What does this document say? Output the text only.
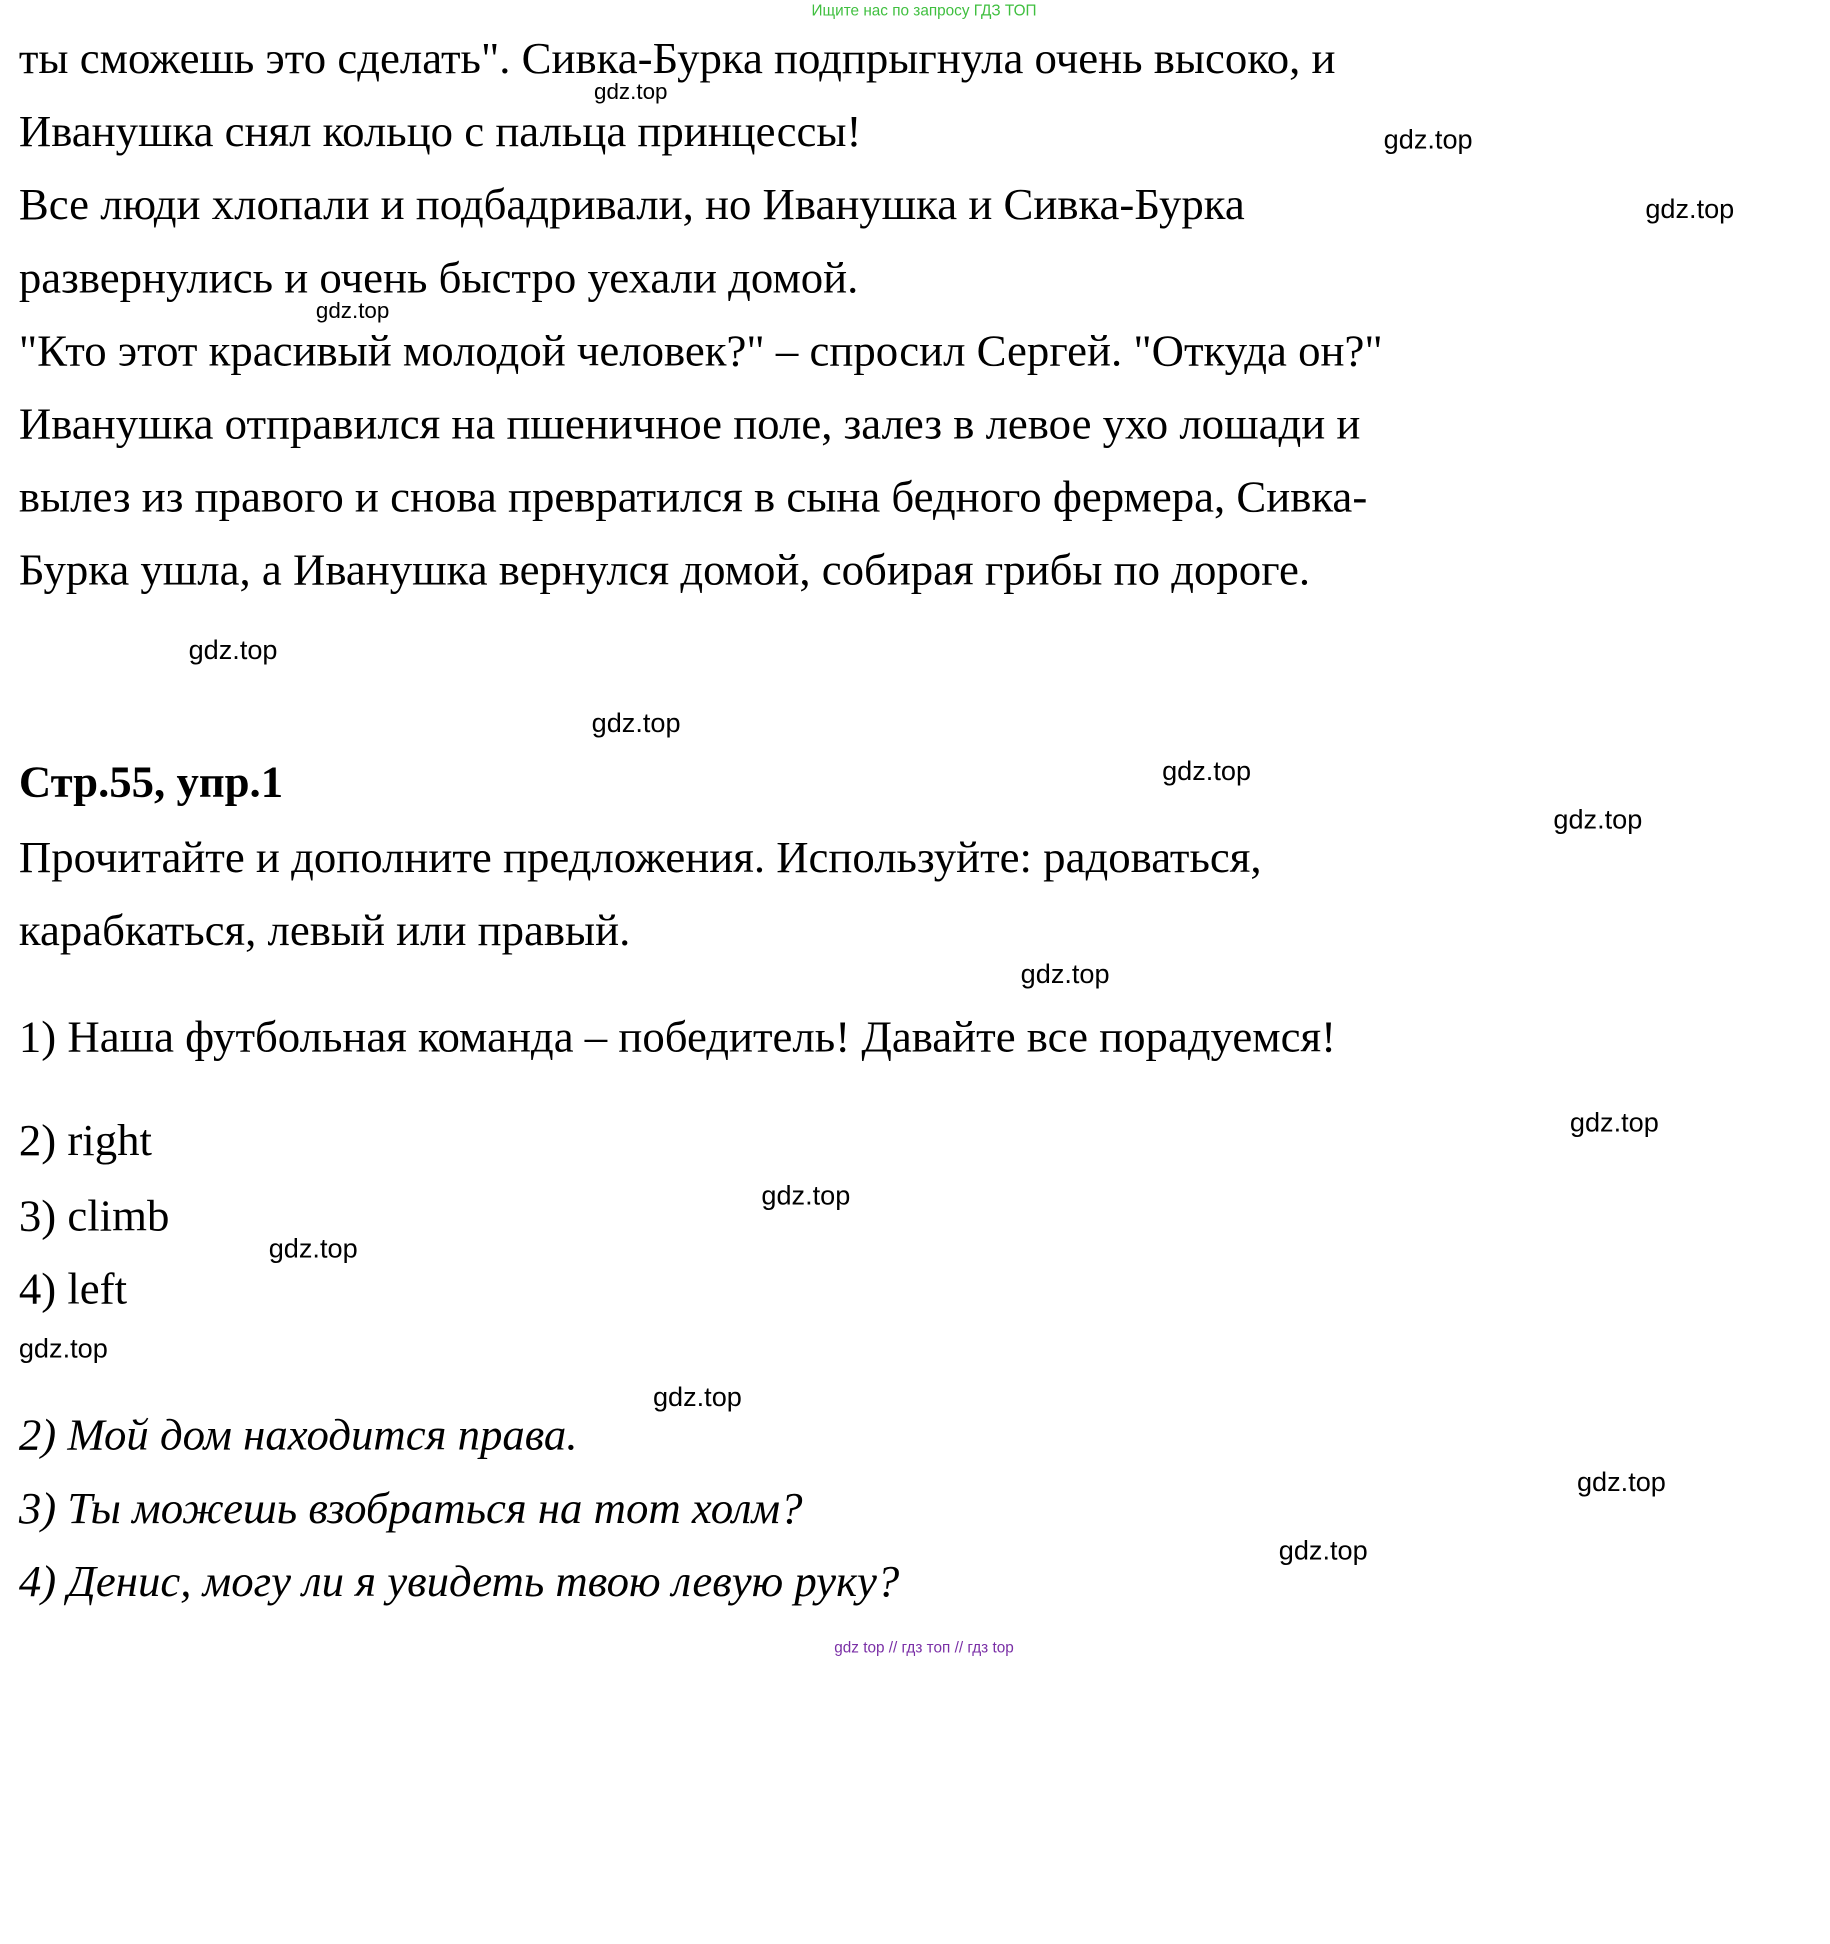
Ищите нас по запросу ГДЗ ТОП
ты сможешь это сделать". Сивка-Бурка подпрыгнула очень высоко, и
Иванушка снял кольцо с пальца принцессы!
Все люди хлопали и подбадривали, но Иванушка и Сивка-Бурка
развернулись и очень быстро уехали домой.
"Кто этот красивый молодой человек?" – спросил Сергей. "Откуда он?"
Иванушка отправился на пшеничное поле, залез в левое ухо лошади и
вылез из правого и снова превратился в сына бедного фермера, Сивка-
Бурка ушла, а Иванушка вернулся домой, собирая грибы по дороге.
Стр.55, упр.1
Прочитайте и дополните предложения. Используйте: радоваться,
карабкаться, левый или правый.
1) Наша футбольная команда – победитель! Давайте все порадуемся!
2) right
3) climb
4) left
2) Мой дом находится права.
3) Ты можешь взобраться на тот холм?
4) Денис, могу ли я увидеть твою левую руку?
gdz.top
gdz.top
gdz.top
gdz.top
gdz.top
gdz.top
gdz.top
gdz.top
gdz.top
gdz.top
gdz.top
gdz.top
gdz.top
gdz.top
gdz.top
gdz.top
gdz top // гдз топ // гдз top
